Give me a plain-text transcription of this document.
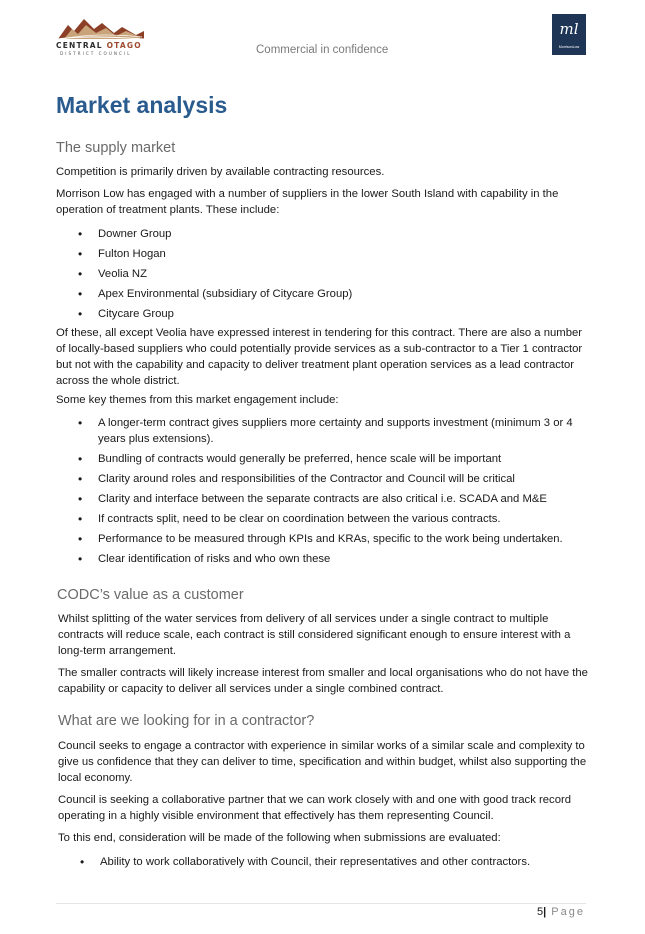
CENTRAL OTAGO
DISTRICT COUNCIL	Commercial in confidence
ml
MorrisonLow
Market analysis
The supply market
Competition is primarily driven by available contracting resources.
Morrison Low has engaged with a number of suppliers in the lower South Island with capability in the operation of treatment plants. These include:
• Downer Group
• Fulton Hogan
• Veolia NZ
• Apex Environmental (subsidiary of Citycare Group)
• Citycare Group
Of these, all except Veolia have expressed interest in tendering for this contract. There are also a number of locally-based suppliers who could potentially provide services as a sub-contractor to a Tier 1 contractor but not with the capability and capacity to deliver treatment plant operation services as a lead contractor across the whole district.
Some key themes from this market engagement include:
• A longer-term contract gives suppliers more certainty and supports investment (minimum 3 or 4 years plus extensions).
• Bundling of contracts would generally be preferred, hence scale will be important
• Clarity around roles and responsibilities of the Contractor and Council will be critical
• Clarity and interface between the separate contracts are also critical i.e. SCADA and M&E
• If contracts split, need to be clear on coordination between the various contracts.
• Performance to be measured through KPIs and KRAs, specific to the work being undertaken.
• Clear identification of risks and who own these
CODC’s value as a customer
Whilst splitting of the water services from delivery of all services under a single contract to multiple contracts will reduce scale, each contract is still considered significant enough to ensure interest with a long-term arrangement.
The smaller contracts will likely increase interest from smaller and local organisations who do not have the capability or capacity to deliver all services under a single combined contract.
What are we looking for in a contractor?
Council seeks to engage a contractor with experience in similar works of a similar scale and complexity to give us confidence that they can deliver to time, specification and within budget, whilst also supporting the local economy.
Council is seeking a collaborative partner that we can work closely with and one with good track record operating in a highly visible environment that effectively has them representing Council.
To this end, consideration will be made of the following when submissions are evaluated:
• Ability to work collaboratively with Council, their representatives and other contractors.
5| Page
